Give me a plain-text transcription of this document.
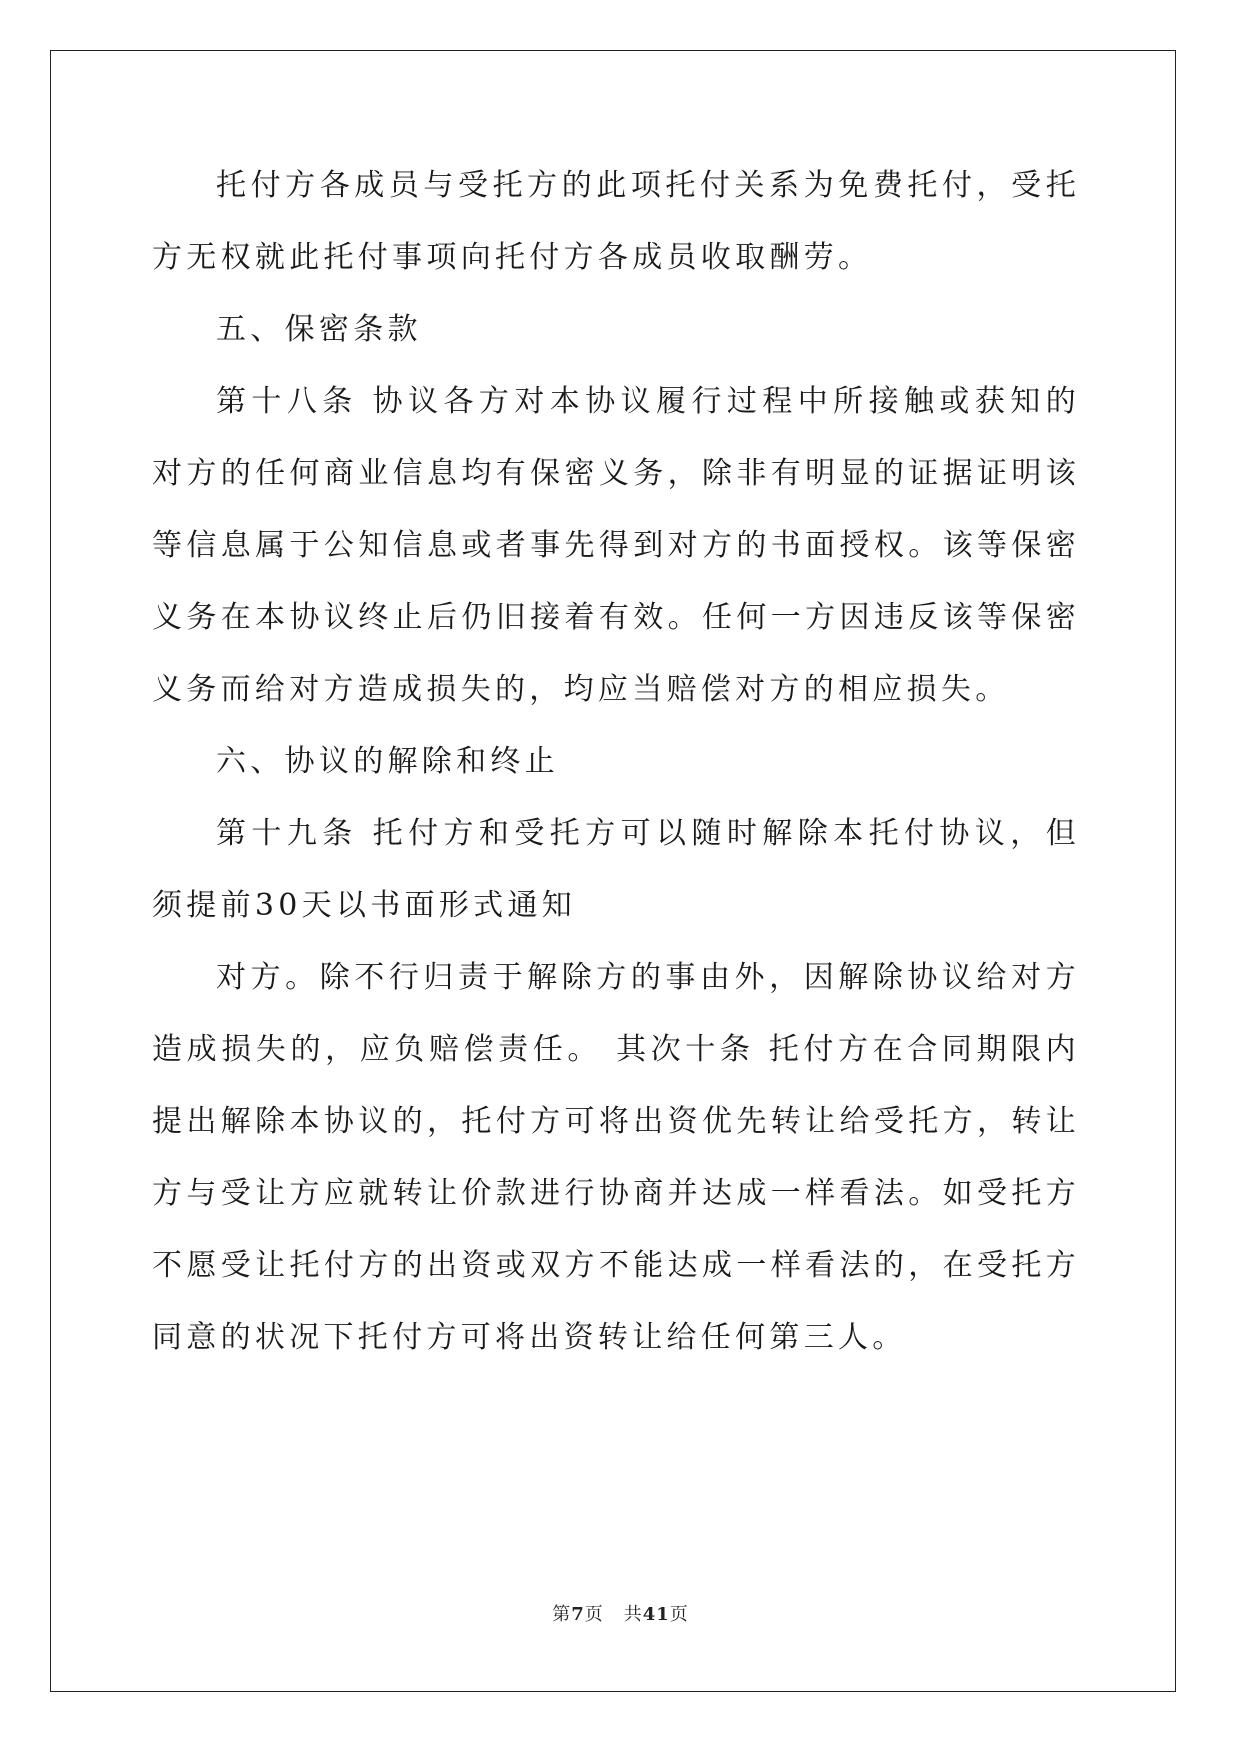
托付方各成员与受托方的此项托付关系为免费托付，受托方无权就此托付事项向托付方各成员收取酬劳。

五、保密条款

第十八条 协议各方对本协议履行过程中所接触或获知的对方的任何商业信息均有保密义务，除非有明显的证据证明该等信息属于公知信息或者事先得到对方的书面授权。该等保密义务在本协议终止后仍旧接着有效。任何一方因违反该等保密义务而给对方造成损失的，均应当赔偿对方的相应损失。

六、协议的解除和终止

第十九条 托付方和受托方可以随时解除本托付协议，但须提前30天以书面形式通知

对方。除不行归责于解除方的事由外，因解除协议给对方造成损失的，应负赔偿责任。 其次十条 托付方在合同期限内提出解除本协议的，托付方可将出资优先转让给受托方，转让方与受让方应就转让价款进行协商并达成一样看法。如受托方不愿受让托付方的出资或双方不能达成一样看法的，在受托方同意的状况下托付方可将出资转让给任何第三人。

第7页 共41页
